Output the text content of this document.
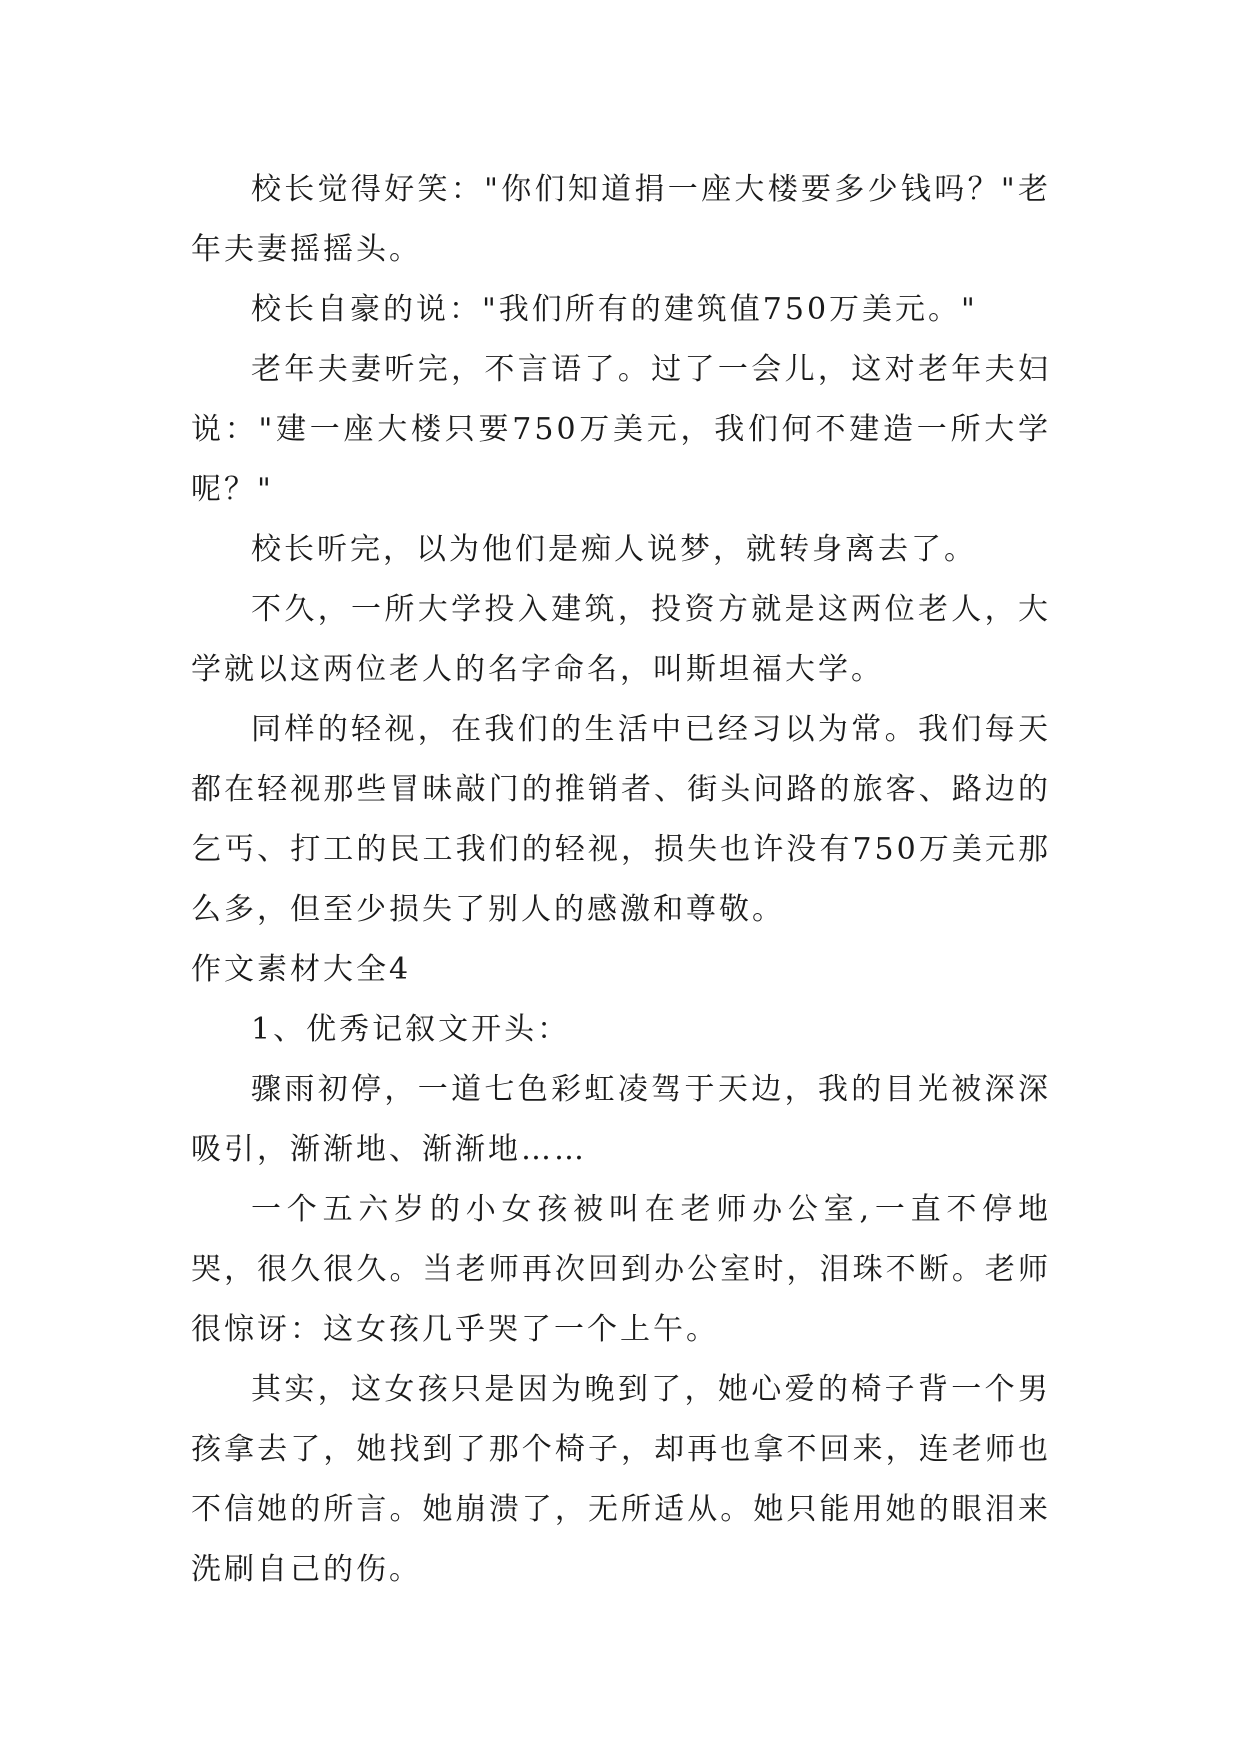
校长觉得好笑："你们知道捐一座大楼要多少钱吗？"老年夫妻摇摇头。

校长自豪的说："我们所有的建筑值750万美元。"

老年夫妻听完，不言语了。过了一会儿，这对老年夫妇说："建一座大楼只要750万美元，我们何不建造一所大学呢？"

校长听完，以为他们是痴人说梦，就转身离去了。

不久，一所大学投入建筑，投资方就是这两位老人，大学就以这两位老人的名字命名，叫斯坦福大学。

同样的轻视，在我们的生活中已经习以为常。我们每天都在轻视那些冒昧敲门的推销者、街头问路的旅客、路边的乞丐、打工的民工我们的轻视，损失也许没有750万美元那么多，但至少损失了别人的感激和尊敬。

作文素材大全4

1、优秀记叙文开头：

骤雨初停，一道七色彩虹凌驾于天边，我的目光被深深吸引，渐渐地、渐渐地……

一个五六岁的小女孩被叫在老师办公室,一直不停地哭，很久很久。当老师再次回到办公室时，泪珠不断。老师很惊讶：这女孩几乎哭了一个上午。

其实，这女孩只是因为晚到了，她心爱的椅子背一个男孩拿去了，她找到了那个椅子，却再也拿不回来，连老师也不信她的所言。她崩溃了，无所适从。她只能用她的眼泪来洗刷自己的伤。
